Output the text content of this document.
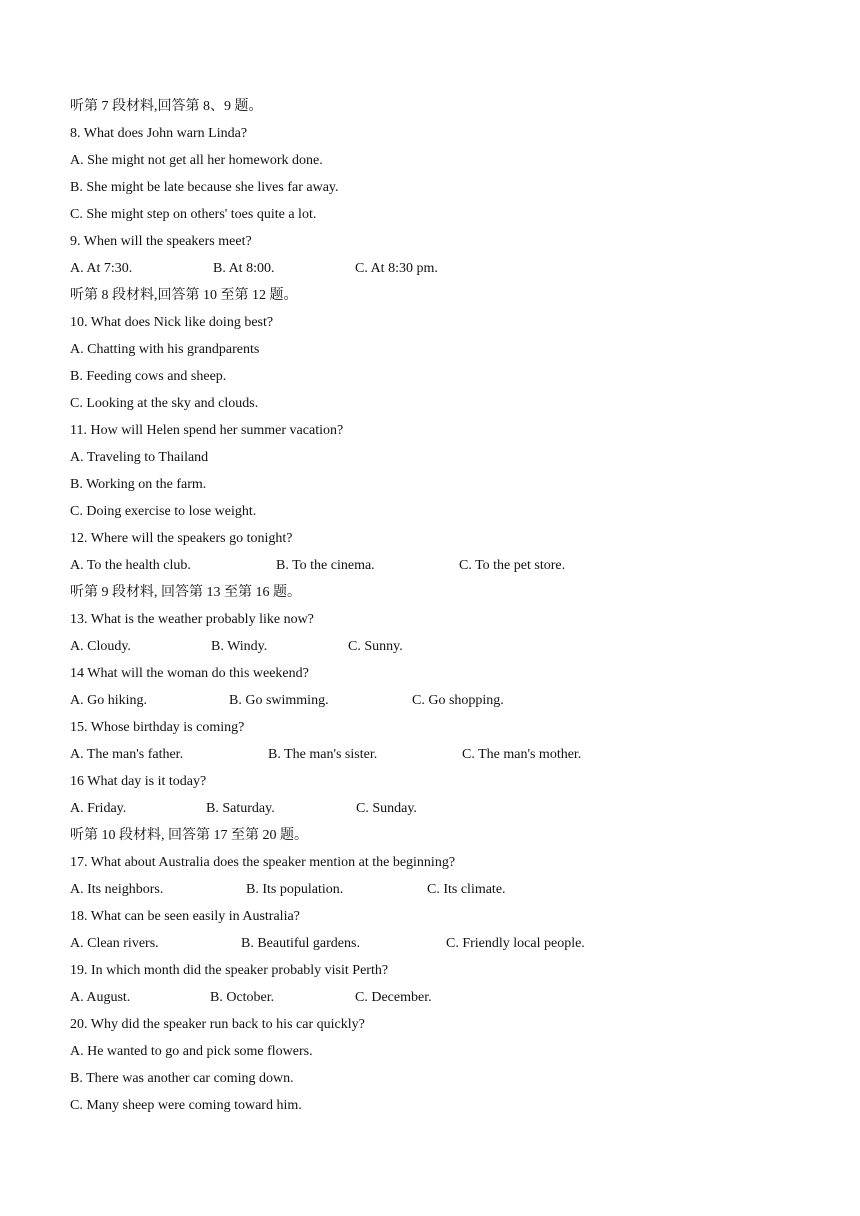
听第 7 段材料,回答第 8、9 题。
8. What does John warn Linda?
A. She might not get all her homework done.
B. She might be late because she lives far away.
C. She might step on others' toes quite a lot.
9. When will the speakers meet?
A. At 7:30.	B. At 8:00.	C. At 8:30 pm.
听第 8 段材料,回答第 10 至第 12 题。
10. What does Nick like doing best?
A. Chatting with his grandparents
B. Feeding cows and sheep.
C. Looking at the sky and clouds.
11. How will Helen spend her summer vacation?
A. Traveling to Thailand
B. Working on the farm.
C. Doing exercise to lose weight.
12. Where will the speakers go tonight?
A. To the health club.	B. To the cinema.	C. To the pet store.
听第 9 段材料, 回答第 13 至第 16 题。
13. What is the weather probably like now?
A. Cloudy.	B. Windy.	C. Sunny.
14 What will the woman do this weekend?
A. Go hiking.	B. Go swimming.	C. Go shopping.
15. Whose birthday is coming?
A. The man's father.	B. The man's sister.	C. The man's mother.
16 What day is it today?
A. Friday.	B. Saturday.	C. Sunday.
听第 10 段材料, 回答第 17 至第 20 题。
17. What about Australia does the speaker mention at the beginning?
A. Its neighbors.	B. Its population.	C. Its climate.
18. What can be seen easily in Australia?
A. Clean rivers.	B. Beautiful gardens.	C. Friendly local people.
19. In which month did the speaker probably visit Perth?
A. August.	B. October.	C. December.
20. Why did the speaker run back to his car quickly?
A. He wanted to go and pick some flowers.
B. There was another car coming down.
C. Many sheep were coming toward him.
